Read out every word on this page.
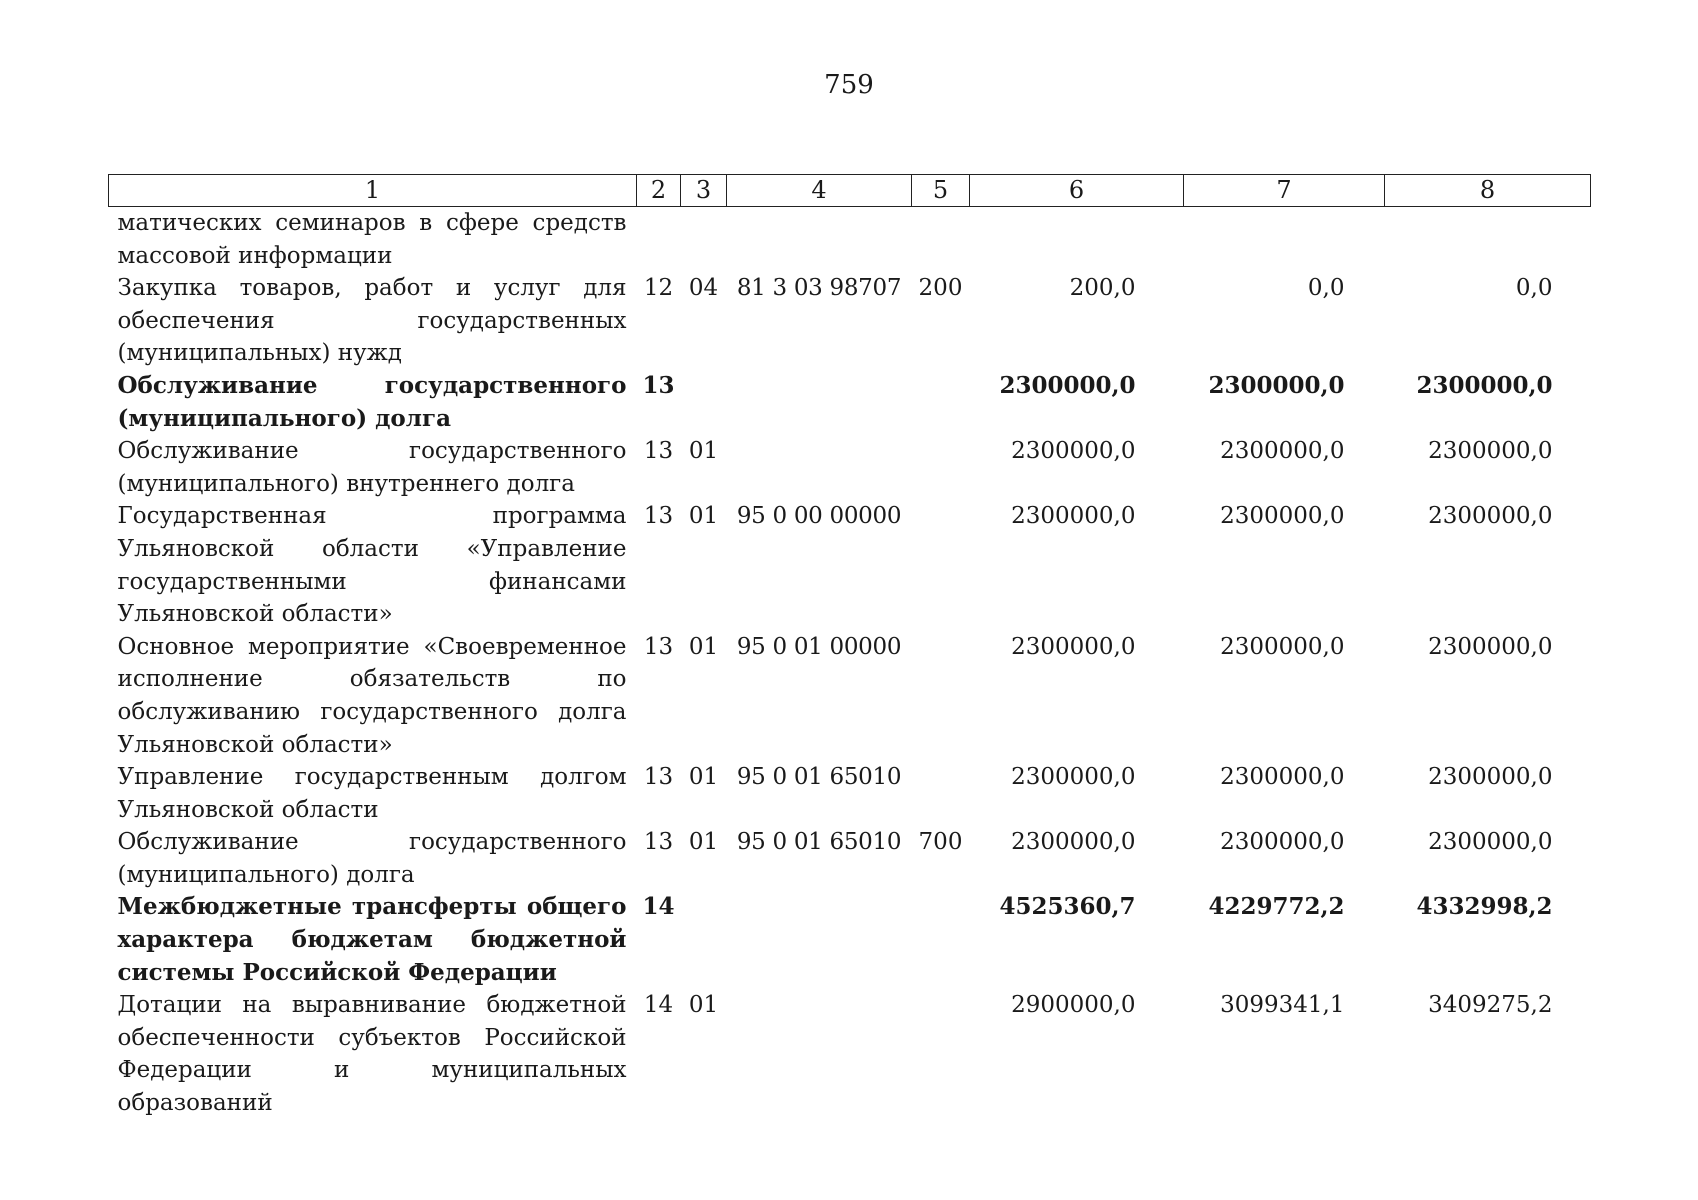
759
1	2	3	4	5	6	7	8
матических семинаров в сфере средств массовой информации							
Закупка товаров, работ и услуг для обеспечения государственных (муниципальных) нужд	12	04	81 3 03 98707	200	200,0	0,0	0,0
Обслуживание государственного (муниципального) долга	13				2300000,0	2300000,0	2300000,0
Обслуживание государственного (муниципального) внутреннего долга	13	01			2300000,0	2300000,0	2300000,0
Государственная программа Ульяновской области «Управление государственными финансами Ульяновской области»	13	01	95 0 00 00000		2300000,0	2300000,0	2300000,0
Основное мероприятие «Своевременное исполнение обязательств по обслуживанию государственного долга Ульяновской области»	13	01	95 0 01 00000		2300000,0	2300000,0	2300000,0
Управление государственным долгом Ульяновской области	13	01	95 0 01 65010		2300000,0	2300000,0	2300000,0
Обслуживание государственного (муниципального) долга	13	01	95 0 01 65010	700	2300000,0	2300000,0	2300000,0
Межбюджетные трансферты общего характера бюджетам бюджетной системы Российской Федерации	14				4525360,7	4229772,2	4332998,2
Дотации на выравнивание бюджетной обеспеченности субъектов Российской Федерации и муниципальных образований	14	01			2900000,0	3099341,1	3409275,2
